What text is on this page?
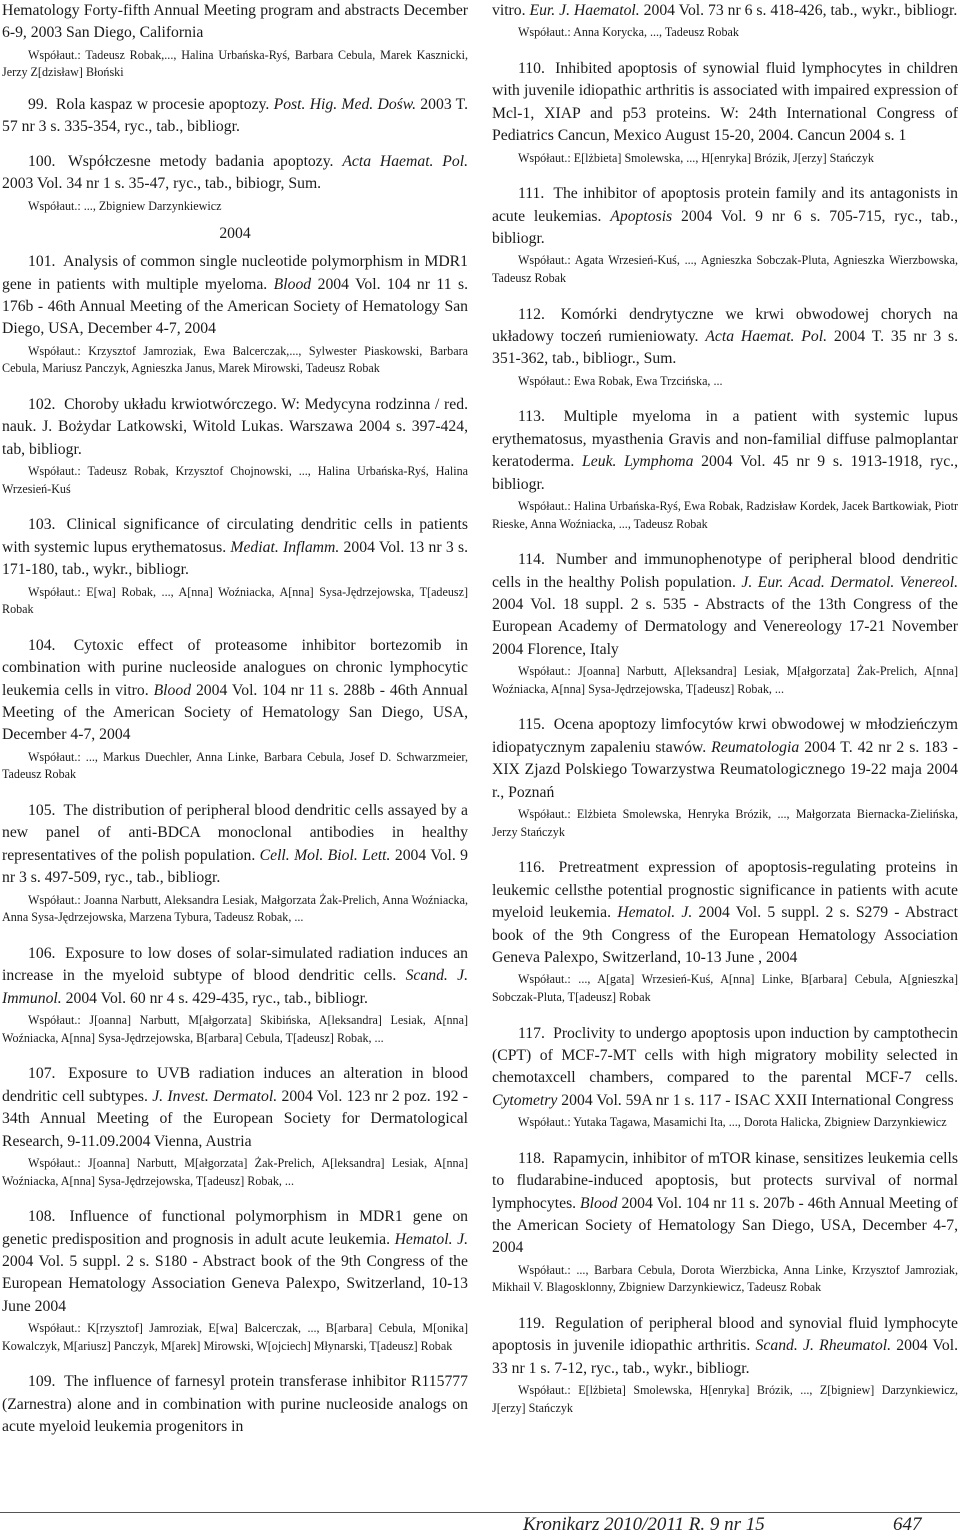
Hematology Forty-fifth Annual Meeting program and abstracts December 6-9, 2003 San Diego, California

Współaut.: Tadeusz Robak,..., Halina Urbańska-Ryś, Barbara Cebula, Marek Kasznicki, Jerzy Z[dzisław] Błoński

99. Rola kaspaz w procesie apoptozy. Post. Hig. Med. Dośw. 2003 T. 57 nr 3 s. 335-354, ryc., tab., bibliogr.

100. Współczesne metody badania apoptozy. Acta Haemat. Pol. 2003 Vol. 34 nr 1 s. 35-47, ryc., tab., bibiogr, Sum.

Współaut.: ..., Zbigniew Darzynkiewicz

2004

101. Analysis of common single nucleotide polymorphism in MDR1 gene in patients with multiple myeloma. Blood 2004 Vol. 104 nr 11 s. 176b - 46th Annual Meeting of the American Society of Hematology San Diego, USA, December 4-7, 2004

Współaut.: Krzysztof Jamroziak, Ewa Balcerczak,..., Sylwester Piaskowski, Barbara Cebula, Mariusz Panczyk, Agnieszka Janus, Marek Mirowski, Tadeusz Robak

102. Choroby układu krwiotwórczego. W: Medycyna rodzinna / red. nauk. J. Bożydar Latkowski, Witold Lukas. Warszawa 2004 s. 397-424, tab, bibliogr.

Współaut.: Tadeusz Robak, Krzysztof Chojnowski, ..., Halina Urbańska-Ryś, Halina Wrzesień-Kuś

103. Clinical significance of circulating dendritic cells in patients with systemic lupus erythematosus. Mediat. Inflamm. 2004 Vol. 13 nr 3 s. 171-180, tab., wykr., bibliogr.

Współaut.: E[wa] Robak, ..., A[nna] Woźniacka, A[nna] Sysa-Jędrzejowska, T[adeusz] Robak

104. Cytoxic effect of proteasome inhibitor bortezomib in combination with purine nucleoside analogues on chronic lymphocytic leukemia cells in vitro. Blood 2004 Vol. 104 nr 11 s. 288b - 46th Annual Meeting of the American Society of Hematology San Diego, USA, December 4-7, 2004

Współaut.: ..., Markus Duechler, Anna Linke, Barbara Cebula, Josef D. Schwarzmeier, Tadeusz Robak

105. The distribution of peripheral blood dendritic cells assayed by a new panel of anti-BDCA monoclonal antibodies in healthy representatives of the polish population. Cell. Mol. Biol. Lett. 2004 Vol. 9 nr 3 s. 497-509, ryc., tab., bibliogr.

Współaut.: Joanna Narbutt, Aleksandra Lesiak, Małgorzata Żak-Prelich, Anna Woźniacka, Anna Sysa-Jędrzejowska, Marzena Tybura, Tadeusz Robak, ...

106. Exposure to low doses of solar-simulated radiation induces an increase in the myeloid subtype of blood dendritic cells. Scand. J. Immunol. 2004 Vol. 60 nr 4 s. 429-435, ryc., tab., bibliogr.

Współaut.: J[oanna] Narbutt, M[ałgorzata] Skibińska, A[leksandra] Lesiak, A[nna] Woźniacka, A[nna] Sysa-Jędrzejowska, B[arbara] Cebula, T[adeusz] Robak, ...

107. Exposure to UVB radiation induces an alteration in blood dendritic cell subtypes. J. Invest. Dermatol. 2004 Vol. 123 nr 2 poz. 192 - 34th Annual Meeting of the European Society for Dermatological Research, 9-11.09.2004 Vienna, Austria

Współaut.: J[oanna] Narbutt, M[ałgorzata] Żak-Prelich, A[leksandra] Lesiak, A[nna] Woźniacka, A[nna] Sysa-Jędrzejowska, T[adeusz] Robak, ...

108. Influence of functional polymorphism in MDR1 gene on genetic predisposition and prognosis in adult acute leukemia. Hematol. J. 2004 Vol. 5 suppl. 2 s. S180 - Abstract book of the 9th Congress of the European Hematology Association Geneva Palexpo, Switzerland, 10-13 June 2004

Współaut.: K[rzysztof] Jamroziak, E[wa] Balcerczak, ..., B[arbara] Cebula, M[onika] Kowalczyk, M[ariusz] Panczyk, M[arek] Mirowski, W[ojciech] Młynarski, T[adeusz] Robak

109. The influence of farnesyl protein transferase inhibitor R115777 (Zarnestra) alone and in combination with purine nucleoside analogs on acute myeloid leukemia progenitors in

vitro. Eur. J. Haematol. 2004 Vol. 73 nr 6 s. 418-426, tab., wykr., bibliogr.

Współaut.: Anna Korycka, ..., Tadeusz Robak

110. Inhibited apoptosis of synowial fluid lymphocytes in children with juvenile idiopathic arthritis is associated with impaired expression of Mcl-1, XIAP and p53 proteins. W: 24th International Congress of Pediatrics Cancun, Mexico August 15-20, 2004. Cancun 2004 s. 1

Współaut.: E[lżbieta] Smolewska, ..., H[enryka] Brózik, J[erzy] Stańczyk

111. The inhibitor of apoptosis protein family and its antagonists in acute leukemias. Apoptosis 2004 Vol. 9 nr 6 s. 705-715, ryc., tab., bibliogr.

Współaut.: Agata Wrzesień-Kuś, ..., Agnieszka Sobczak-Pluta, Agnieszka Wierzbowska, Tadeusz Robak

112. Komórki dendrytyczne we krwi obwodowej chorych na układowy toczeń rumieniowaty. Acta Haemat. Pol. 2004 T. 35 nr 3 s. 351-362, tab., bibliogr., Sum.

Współaut.: Ewa Robak, Ewa Trzcińska, ...

113. Multiple myeloma in a patient with systemic lupus erythematosus, myasthenia Gravis and non-familial diffuse palmoplantar keratoderma. Leuk. Lymphoma 2004 Vol. 45 nr 9 s. 1913-1918, ryc., bibliogr.

Współaut.: Halina Urbańska-Ryś, Ewa Robak, Radzisław Kordek, Jacek Bartkowiak, Piotr Rieske, Anna Woźniacka, ..., Tadeusz Robak

114. Number and immunophenotype of peripheral blood dendritic cells in the healthy Polish population. J. Eur. Acad. Dermatol. Venereol. 2004 Vol. 18 suppl. 2 s. 535 - Abstracts of the 13th Congress of the European Academy of Dermatology and Venereology 17-21 November 2004 Florence, Italy

Współaut.: J[oanna] Narbutt, A[leksandra] Lesiak, M[ałgorzata] Żak-Prelich, A[nna] Woźniacka, A[nna] Sysa-Jędrzejowska, T[adeusz] Robak, ...

115. Ocena apoptozy limfocytów krwi obwodowej w młodzieńczym idiopatycznym zapaleniu stawów. Reumatologia 2004 T. 42 nr 2 s. 183 - XIX Zjazd Polskiego Towarzystwa Reumatologicznego 19-22 maja 2004 r., Poznań

Współaut.: Elżbieta Smolewska, Henryka Brózik, ..., Małgorzata Biernacka-Zielińska, Jerzy Stańczyk

116. Pretreatment expression of apoptosis-regulating proteins in leukemic cellsthe potential prognostic significance in patients with acute myeloid leukemia. Hematol. J. 2004 Vol. 5 suppl. 2 s. S279 - Abstract book of the 9th Congress of the European Hematology Association Geneva Palexpo, Switzerland, 10-13 June , 2004

Współaut.: ..., A[gata] Wrzesień-Kuś, A[nna] Linke, B[arbara] Cebula, A[gnieszka] Sobczak-Pluta, T[adeusz] Robak

117. Proclivity to undergo apoptosis upon induction by camptothecin (CPT) of MCF-7-MT cells with high migratory mobility selected in chemotaxcell chambers, compared to the parental MCF-7 cells. Cytometry 2004 Vol. 59A nr 1 s. 117 - ISAC XXII International Congress

Współaut.: Yutaka Tagawa, Masamichi Ita, ..., Dorota Halicka, Zbigniew Darzynkiewicz

118. Rapamycin, inhibitor of mTOR kinase, sensitizes leukemia cells to fludarabine-induced apoptosis, but protects survival of normal lymphocytes. Blood 2004 Vol. 104 nr 11 s. 207b - 46th Annual Meeting of the American Society of Hematology San Diego, USA, December 4-7, 2004

Współaut.: ..., Barbara Cebula, Dorota Wierzbicka, Anna Linke, Krzysztof Jamroziak, Mikhail V. Blagosklonny, Zbigniew Darzynkiewicz, Tadeusz Robak

119. Regulation of peripheral blood and synovial fluid lymphocyte apoptosis in juvenile idiopathic arthritis. Scand. J. Rheumatol. 2004 Vol. 33 nr 1 s. 7-12, ryc., tab., wykr., bibliogr.

Współaut.: E[lżbieta] Smolewska, H[enryka] Brózik, ..., Z[bigniew] Darzynkiewicz, J[erzy] Stańczyk

Kronikarz 2010/2011 R. 9 nr 15	647
